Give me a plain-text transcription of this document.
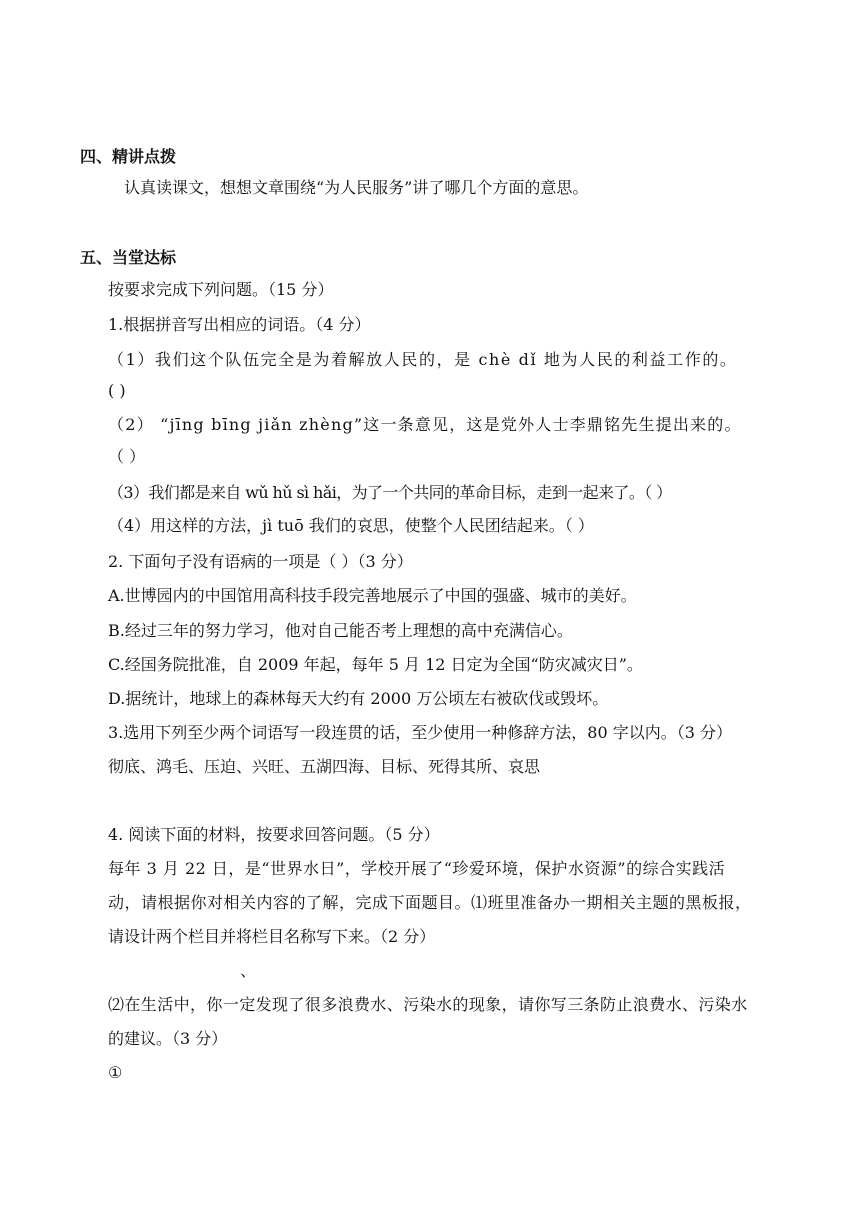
四、精讲点拨
认真读课文，想想文章围绕“为人民服务”讲了哪几个方面的意思。
五、当堂达标
按要求完成下列问题。（15 分）
1.根据拼音写出相应的词语。（4 分）
（1）我们这个队伍完全是为着解放人民的，是 chè dǐ 地为人民的利益工作的。
( )
（2） “jīng bīng jiǎn zhèng”这一条意见，这是党外人士李鼎铭先生提出来的。
（ ）
（3）我们都是来自 wǔ hǔ sì hǎi，为了一个共同的革命目标，走到一起来了。（ ）
（4）用这样的方法，jì tuō 我们的哀思，使整个人民团结起来。（ ）
2. 下面句子没有语病的一项是（ ）（3 分）
A.世博园内的中国馆用高科技手段完善地展示了中国的强盛、城市的美好。
B.经过三年的努力学习，他对自己能否考上理想的高中充满信心。
C.经国务院批准，自 2009 年起，每年 5 月 12 日定为全国“防灾减灾日”。
D.据统计，地球上的森林每天大约有 2000 万公顷左右被砍伐或毁坏。
3.选用下列至少两个词语写一段连贯的话，至少使用一种修辞方法，80 字以内。（3 分）
彻底、鸿毛、压迫、兴旺、五湖四海、目标、死得其所、哀思
4. 阅读下面的材料，按要求回答问题。（5 分）
每年 3 月 22 日，是“世界水日”，学校开展了“珍爱环境，保护水资源”的综合实践活
动，请根据你对相关内容的了解，完成下面题目。⑴班里准备办一期相关主题的黑板报，
请设计两个栏目并将栏目名称写下来。（2 分）
、
⑵在生活中，你一定发现了很多浪费水、污染水的现象，请你写三条防止浪费水、污染水
的建议。（3 分）
①
